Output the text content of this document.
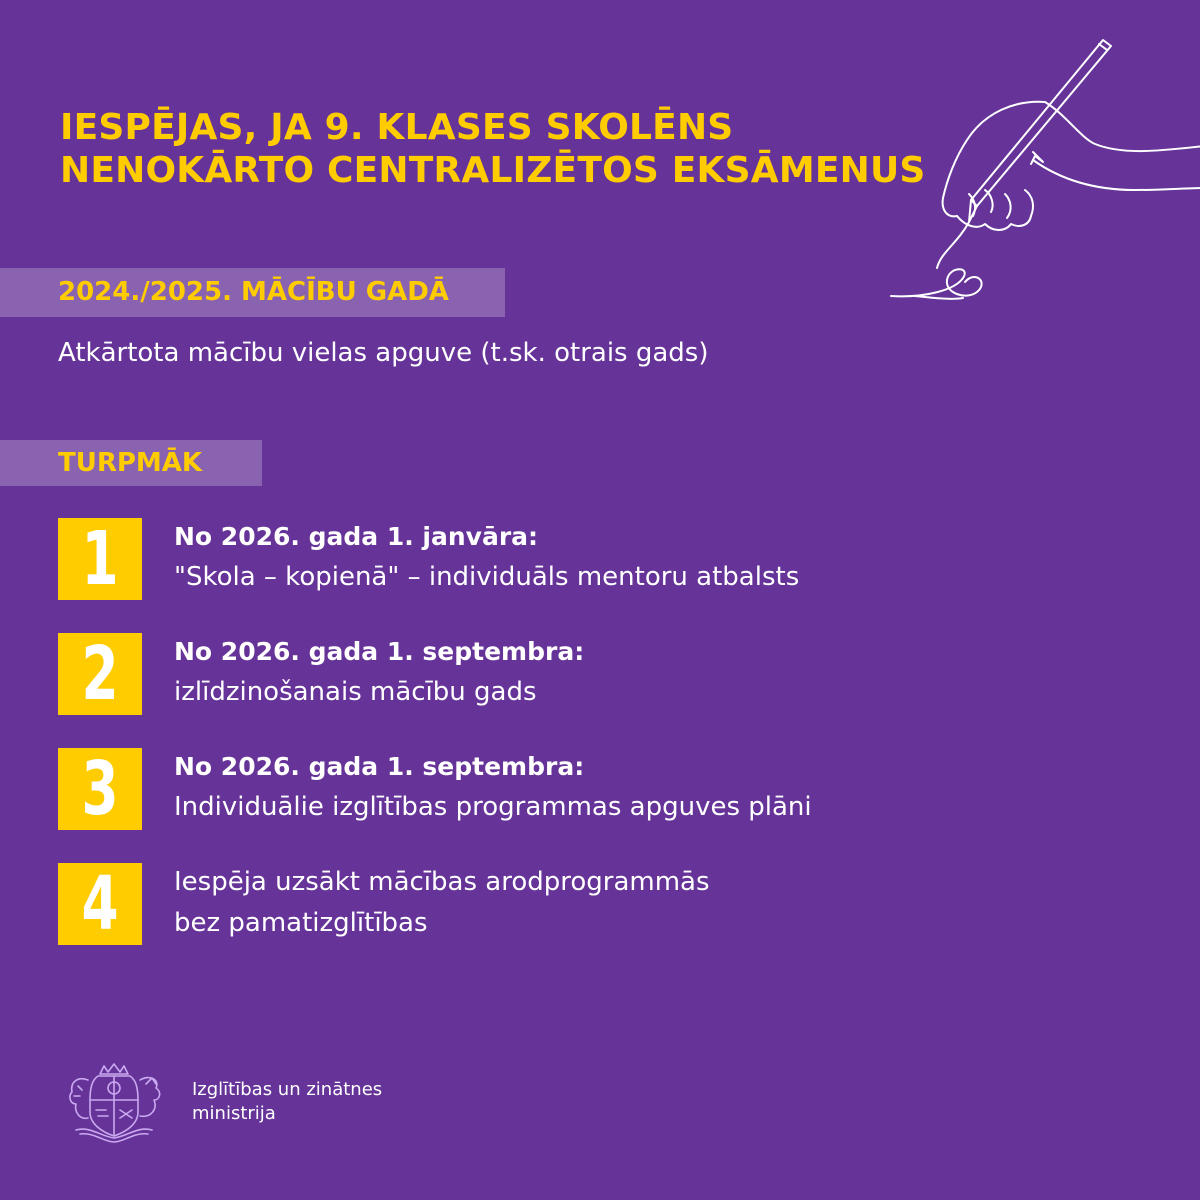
IESPĒJAS, JA 9. KLASES SKOLĒNS
NENOKĀRTO CENTRALIZĒTOS EKSĀMENUS
2024./2025. MĀCĪBU GADĀ
Atkārtota mācību vielas apguve (t.sk. otrais gads)
TURPMĀK
1	No 2026. gada 1. janvāra:
"Skola – kopienā" – individuāls mentoru atbalsts
2	No 2026. gada 1. septembra:
izlīdzinošanais mācību gads
3	No 2026. gada 1. septembra:
Individuālie izglītības programmas apguves plāni
4	Iespēja uzsākt mācības arodprogrammās
bez pamatizglītības
Izglītības un zinātnes
ministrija
